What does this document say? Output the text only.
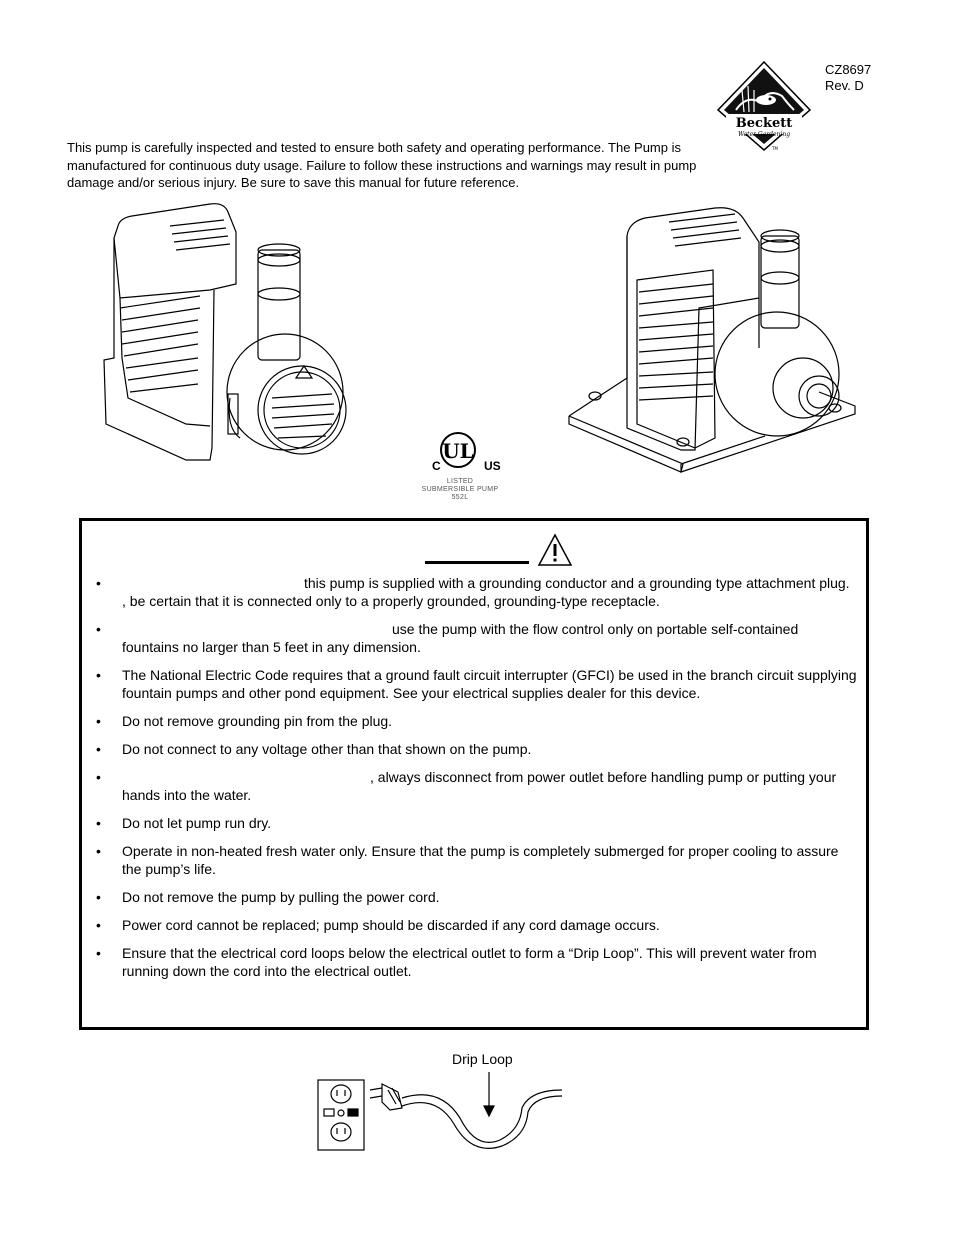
CZ8697
Rev. D
Beckett
Water Gardening
TM
This pump is carefully inspected and tested to ensure both safety and operating performance. The Pump is manufactured for continuous duty usage. Failure to follow these instructions and warnings may result in pump damage and/or serious injury. Be sure to save this manual for future reference.
UL
C	US
LISTED
SUBMERSIBLE PUMP
552L
•	this pump is supplied with a grounding conductor and a grounding type attachment plug. , be certain that it is connected only to a properly grounded, grounding-type receptacle.
•	use the pump with the flow control only on portable self-contained fountains no larger than 5 feet in any dimension.
• The National Electric Code requires that a ground fault circuit interrupter (GFCI) be used in the branch circuit supplying fountain pumps and other pond equipment. See your electrical supplies dealer for this device.
• Do not remove grounding pin from the plug.
• Do not connect to any voltage other than that shown on the pump.
•	, always disconnect from power outlet before handling pump or putting your hands into the water.
• Do not let pump run dry.
• Operate in non-heated fresh water only. Ensure that the pump is completely submerged for proper cooling to assure the pump’s life.
• Do not remove the pump by pulling the power cord.
• Power cord cannot be replaced; pump should be discarded if any cord damage occurs.
• Ensure that the electrical cord loops below the electrical outlet to form a “Drip Loop”. This will prevent water from running down the cord into the electrical outlet.
Drip Loop
